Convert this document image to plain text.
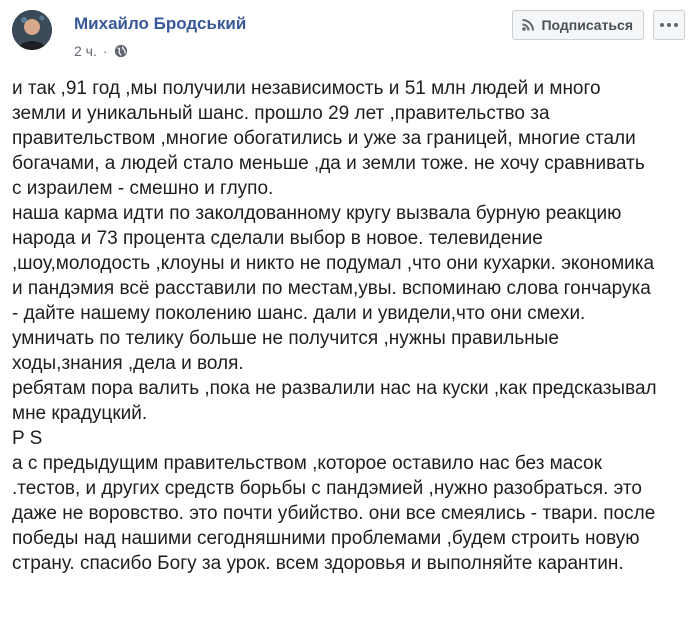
Михайло Бродський
2 ч. ·
Подписаться

и так ,91 год ,мы получили независимость и 51 млн людей и много

земли и уникальный шанс. прошло 29 лет ,правительство за

правительством ,многие обогатились и уже за границей, многие стали

богачами, а людей стало меньше ,да и земли тоже. не хочу сравнивать

с израилем - смешно и глупо.

наша карма идти по заколдованному кругу вызвала бурную реакцию

народа и 73 процента сделали выбор в новое. телевидение

,шоу,молодость ,клоуны и никто не подумал ,что они кухарки. экономика

и пандэмия всё расставили по местам,увы. вспоминаю слова гончарука

- дайте нашему поколению шанс. дали и увидели,что они смехи.

умничать по телику больше не получится ,нужны правильные

ходы,знания ,дела и воля.

ребятам пора валить ,пока не развалили нас на куски ,как предсказывал

мне крадуцкий.

P S

а с предыдущим правительством ,которое оставило нас без масок

.тестов, и других средств борьбы с пандэмией ,нужно разобраться. это

даже не воровство. это почти убийство. они все смеялись - твари. после

победы над нашими сегодняшними проблемами ,будем строить новую

страну. спасибо Богу за урок. всем здоровья и выполняйте карантин.
